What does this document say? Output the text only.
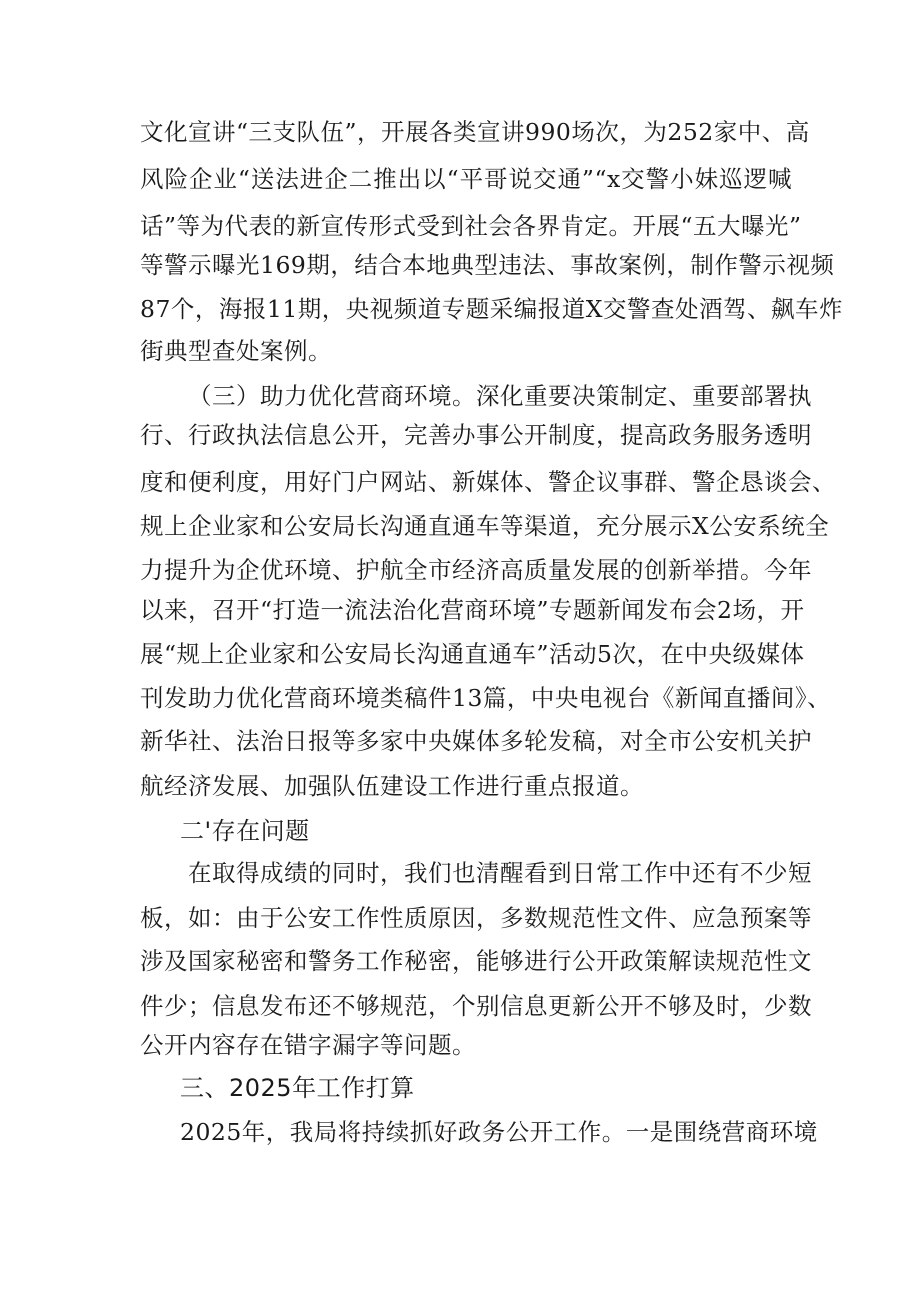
文化宣讲“三支队伍”，开展各类宣讲990场次，为252家中、高
风险企业“送法进企二推出以“平哥说交通”“x交警小妹巡逻喊
话”等为代表的新宣传形式受到社会各界肯定。开展“五大曝光”
等警示曝光169期，结合本地典型违法、事故案例，制作警示视频
87个，海报11期，央视频道专题采编报道X交警查处酒驾、飙车炸
街典型查处案例。
（三）助力优化营商环境。深化重要决策制定、重要部署执
行、行政执法信息公开，完善办事公开制度，提高政务服务透明
度和便利度，用好门户网站、新媒体、警企议事群、警企恳谈会、
规上企业家和公安局长沟通直通车等渠道，充分展示X公安系统全
力提升为企优环境、护航全市经济高质量发展的创新举措。今年
以来，召开“打造一流法治化营商环境”专题新闻发布会2场，开
展“规上企业家和公安局长沟通直通车”活动5次，在中央级媒体
刊发助力优化营商环境类稿件13篇，中央电视台《新闻直播间》、
新华社、法治日报等多家中央媒体多轮发稿，对全市公安机关护
航经济发展、加强队伍建设工作进行重点报道。
二'存在问题
在取得成绩的同时，我们也清醒看到日常工作中还有不少短
板，如：由于公安工作性质原因，多数规范性文件、应急预案等
涉及国家秘密和警务工作秘密，能够进行公开政策解读规范性文
件少；信息发布还不够规范，个别信息更新公开不够及时，少数
公开内容存在错字漏字等问题。
三、2025年工作打算
2025年，我局将持续抓好政务公开工作。一是围绕营商环境
